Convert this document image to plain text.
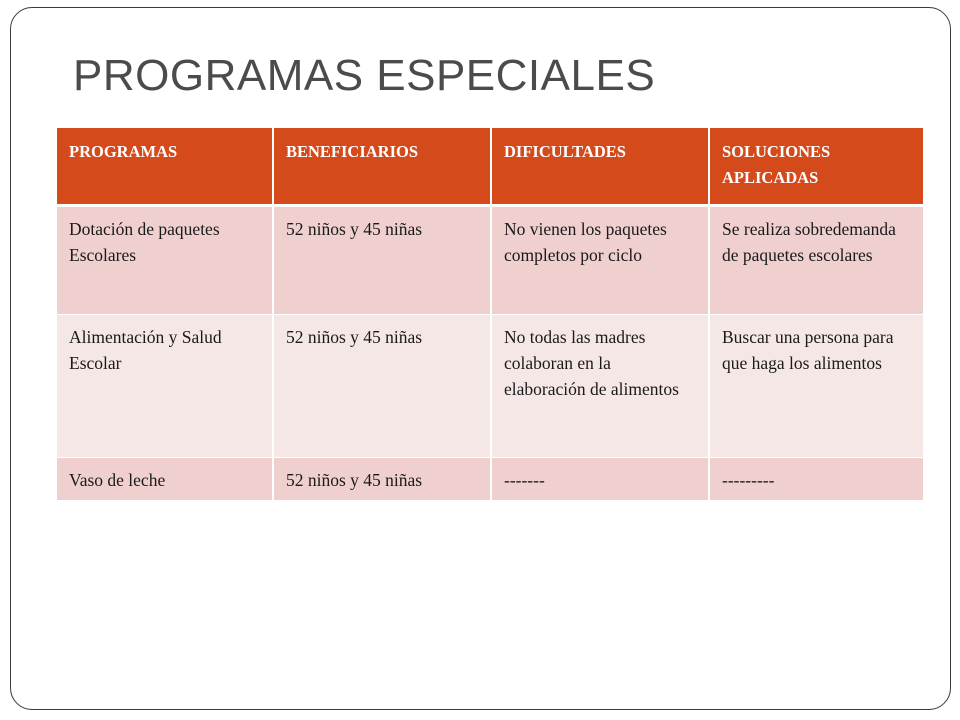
PROGRAMAS ESPECIALES
PROGRAMAS	BENEFICIARIOS	DIFICULTADES	SOLUCIONES APLICADAS
Dotación de paquetes Escolares	52 niños y 45 niñas	No vienen los paquetes completos por ciclo	Se realiza sobredemanda de paquetes escolares
Alimentación y Salud Escolar	52 niños y 45 niñas	No todas las madres colaboran en la elaboración de alimentos	Buscar una persona para que haga los alimentos
Vaso de leche	52 niños y 45 niñas	-------	---------
